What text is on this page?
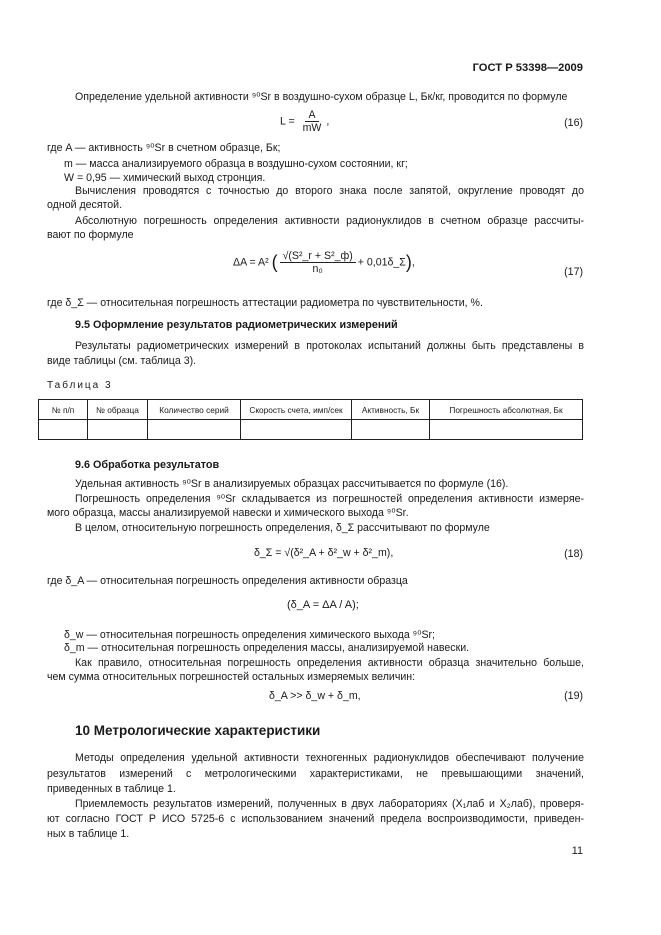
ГОСТ Р 53398—2009
Определение удельной активности ⁹⁰Sr в воздушно-сухом образце L, Бк/кг, проводится по формуле
$L = \frac{A}{mW}$ ,	(16)
где A — активность ⁹⁰Sr в счетном образце, Бк;
m — масса анализируемого образца в воздушно-сухом состоянии, кг;
W = 0,95 — химический выход стронция.
Вычисления проводятся с точностью до второго знака после запятой, округление проводят до
одной десятой.
Абсолютную погрешность определения активности радионуклидов в счетном образце рассчиты-
вают по формуле
ΔA = A² ( $\frac{\text{√(S²\_r + S²\_ф)}}{\text{n₀}}$ + 0,01δ_Σ),
(17)
где δ_Σ — относительная погрешность аттестации радиометра по чувствительности, %.
9.5 Оформление результатов радиометрических измерений
Результаты радиометрических измерений в протоколах испытаний должны быть представлены в
виде таблицы (см. таблица 3).
Таблица 3
№ п/п	№ образца	Количество серий	Скорость счета, имп/сек	Активность, Бк	Погрешность абсолютная, Бк

9.6 Обработка результатов
Удельная активность ⁹⁰Sr в анализируемых образцах рассчитывается по формуле (16).
Погрешность определения ⁹⁰Sr складывается из погрешностей определения активности измеряе-
мого образца, массы анализируемой навески и химического выхода ⁹⁰Sr.
В целом, относительную погрешность определения, δ_Σ рассчитывают по формуле
δ_Σ = √(δ²_A + δ²_w + δ²_m),	(18)
где δ_A — относительная погрешность определения активности образца
(δ_A = ΔA / A);
δ_w — относительная погрешность определения химического выхода ⁹⁰Sr;
δ_m — относительная погрешность определения массы, анализируемой навески.
Как правило, относительная погрешность определения активности образца значительно больше,
чем сумма относительных погрешностей остальных измеряемых величин:
δ_A >> δ_w + δ_m,	(19)
10 Метрологические характеристики
Методы определения удельной активности техногенных радионуклидов обеспечивают получение
результатов измерений с метрологическими характеристиками, не превышающими значений,
приведенных в таблице 1.
Приемлемость результатов измерений, полученных в двух лабораториях (X₁лаб и X₂лаб), проверя-
ют согласно ГОСТ Р ИСО 5725-6 с использованием значений предела воспроизводимости, приведен-
ных в таблице 1.
11
